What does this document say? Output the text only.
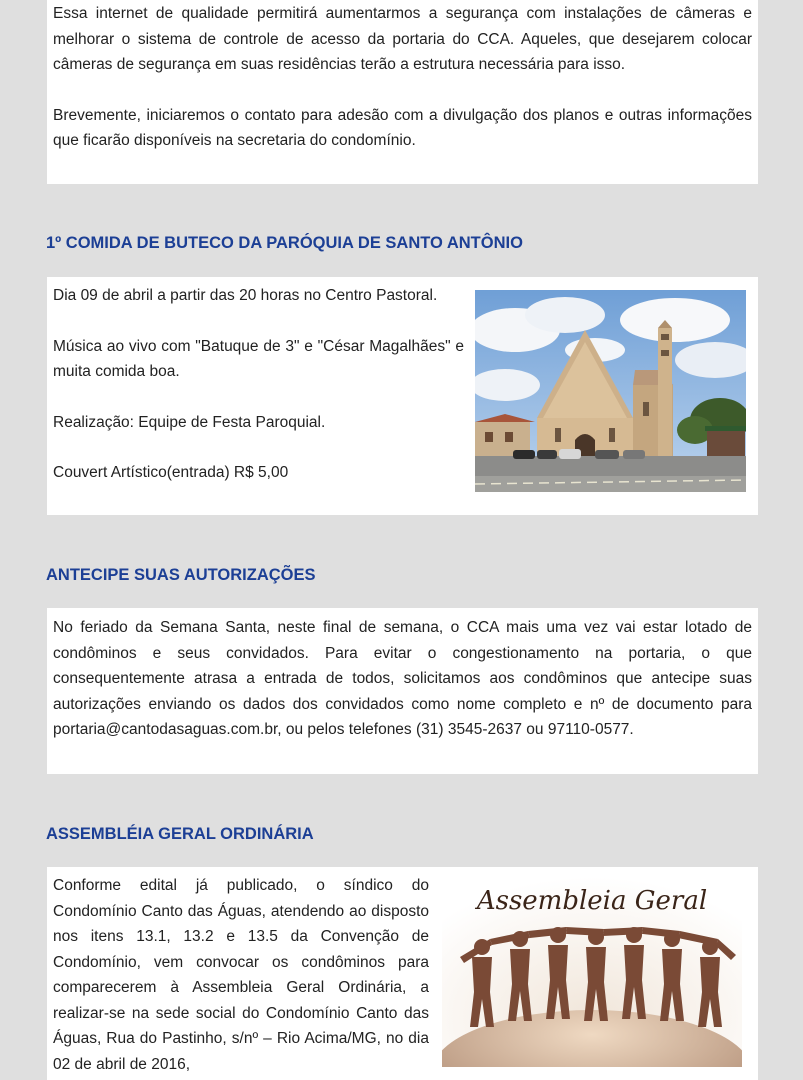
Essa internet de qualidade permitirá aumentarmos a segurança com instalações de câmeras e melhorar o sistema de controle de acesso da portaria do CCA. Aqueles, que desejarem colocar câmeras de segurança em suas residências terão a estrutura necessária para isso.

Brevemente, iniciaremos o contato para adesão com a divulgação dos planos e outras informações que ficarão disponíveis na secretaria do condomínio.

1º COMIDA DE BUTECO DA PARÓQUIA DE SANTO ANTÔNIO

Dia 09 de abril a partir das 20 horas no Centro Pastoral.

Música ao vivo com "Batuque de 3" e "César Magalhães" e muita comida boa.

Realização: Equipe de Festa Paroquial.

Couvert Artístico(entrada) R$ 5,00

ANTECIPE SUAS AUTORIZAÇÕES

No feriado da Semana Santa, neste final de semana, o CCA mais uma vez vai estar lotado de condôminos e seus convidados. Para evitar o congestionamento na portaria, o que consequentemente atrasa a entrada de todos, solicitamos aos condôminos que antecipe suas autorizações enviando os dados dos convidados como nome completo e nº de documento para portaria@cantodasaguas.com.br, ou pelos telefones (31) 3545-2637 ou 97110-0577.

ASSEMBLÉIA GERAL ORDINÁRIA

Conforme edital já publicado, o síndico do Condomínio Canto das Águas, atendendo ao disposto nos itens 13.1, 13.2 e 13.5 da Convenção de Condomínio, vem convocar os condôminos para comparecerem à Assembleia Geral Ordinária, a realizar-se na sede social do Condomínio Canto das Águas, Rua do Pastinho, s/nº – Rio Acima/MG, no dia 02 de abril de 2016,

Assembleia Geral
